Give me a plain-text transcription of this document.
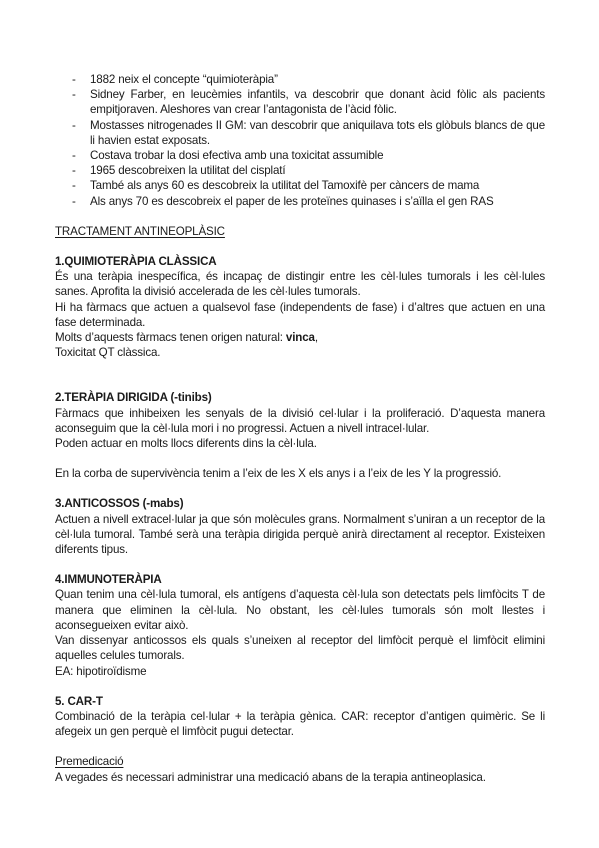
- 1882 neix el concepte “quimioteràpia”
- Sidney Farber, en leucèmies infantils, va descobrir que donant àcid fòlic als pacients empitjoraven. Aleshores van crear l’antagonista de l’àcid fòlic.
- Mostasses nitrogenades II GM: van descobrir que aniquilava tots els glòbuls blancs de que li havien estat exposats.
- Costava trobar la dosi efectiva amb una toxicitat assumible
- 1965 descobreixen la utilitat del cisplatí
- També als anys 60 es descobreix la utilitat del Tamoxifè per càncers de mama
- Als anys 70 es descobreix el paper de les proteïnes quinases i s’aïlla el gen RAS

TRACTAMENT ANTINEOPLÀSIC

1.QUIMIOTERÀPIA CLÀSSICA

És una teràpia inespecífica, és incapaç de distingir entre les cèl·lules tumorals i les cèl·lules sanes. Aprofita la divisió accelerada de les cèl·lules tumorals.

Hi ha fàrmacs que actuen a qualsevol fase (independents de fase) i d’altres que actuen en una fase determinada.

Molts d’aquests fàrmacs tenen origen natural: vinca,

Toxicitat QT clàssica.

2.TERÀPIA DIRIGIDA (-tinibs)

Fàrmacs que inhibeixen les senyals de la divisió cel·lular i la proliferació. D’aquesta manera aconseguim que la cèl·lula mori i no progressi. Actuen a nivell intracel·lular.

Poden actuar en molts llocs diferents dins la cèl·lula.

En la corba de supervivència tenim a l’eix de les X els anys i a l’eix de les Y la progressió.

3.ANTICOSSOS (-mabs)

Actuen a nivell extracel·lular ja que són molècules grans. Normalment s’uniran a un receptor de la cèl·lula tumoral. També serà una teràpia dirigida perquè anirà directament al receptor. Existeixen diferents tipus.

4.IMMUNOTERÀPIA

Quan tenim una cèl·lula tumoral, els antígens d’aquesta cèl·lula son detectats pels limfòcits T de manera que eliminen la cèl·lula. No obstant, les cèl·lules tumorals són molt llestes i aconsegueixen evitar això.

Van dissenyar anticossos els quals s’uneixen al receptor del limfòcit perquè el limfòcit elimini aquelles celules tumorals.

EA: hipotiroïdisme

5. CAR-T

Combinació de la teràpia cel·lular + la teràpia gènica. CAR: receptor d’antigen quimèric. Se li afegeix un gen perquè el limfòcit pugui detectar.

Premedicació

A vegades és necessari administrar una medicació abans de la terapia antineoplasica.
